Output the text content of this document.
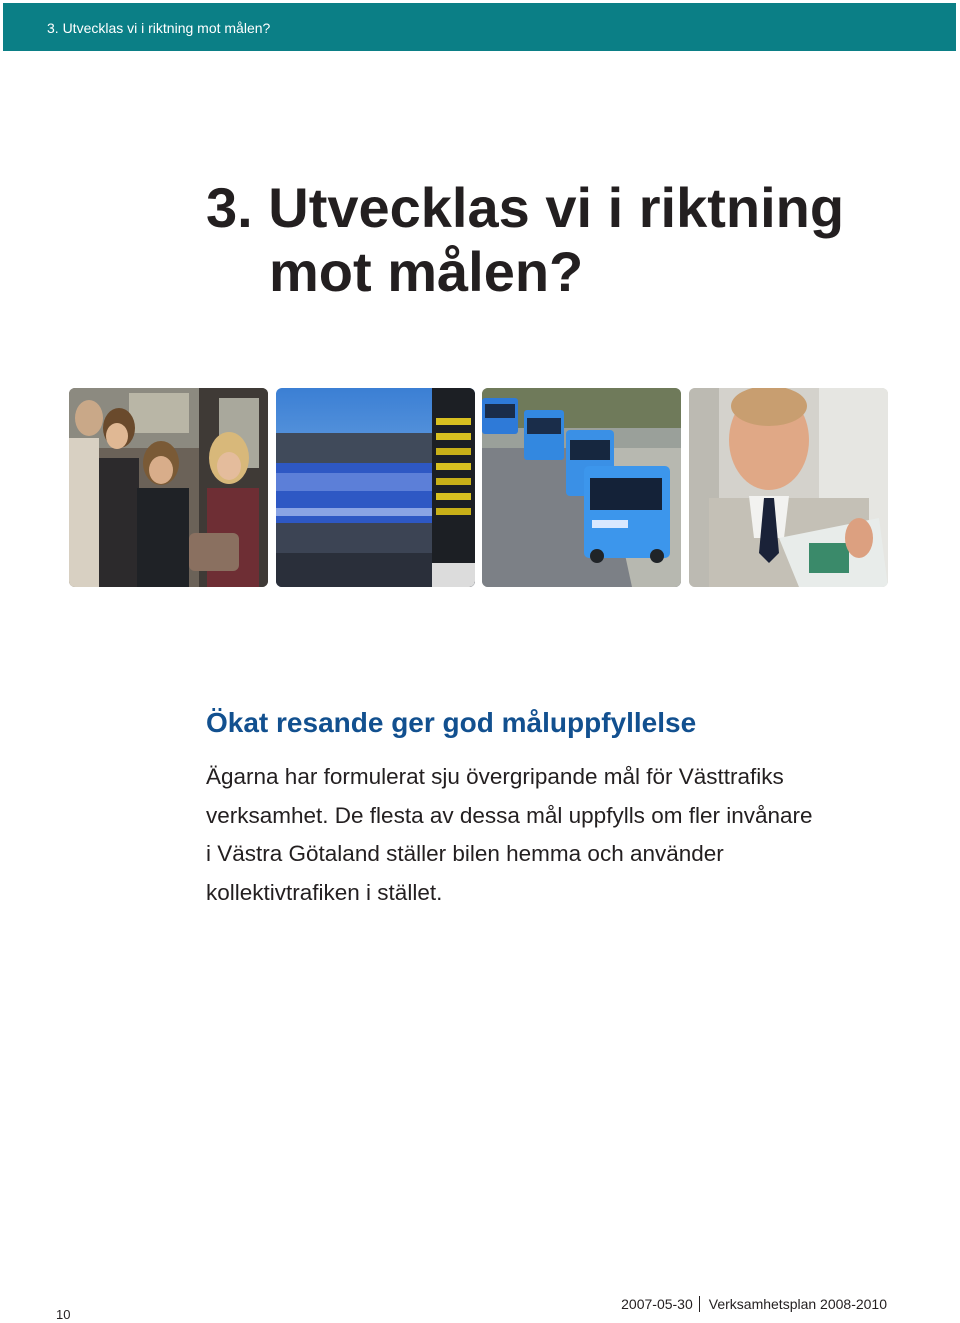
3. Utvecklas vi i riktning mot målen?
3. Utvecklas vi i riktning
mot målen?
Ökat resande ger god måluppfyllelse

Ägarna har formulerat sju övergripande mål för Västtrafiks
verksamhet. De flesta av dessa mål uppfylls om fler invånare
i Västra Götaland ställer bilen hemma och använder
kollektivtrafiken i stället.

10
2007-05-30 Verksamhetsplan 2008-2010
